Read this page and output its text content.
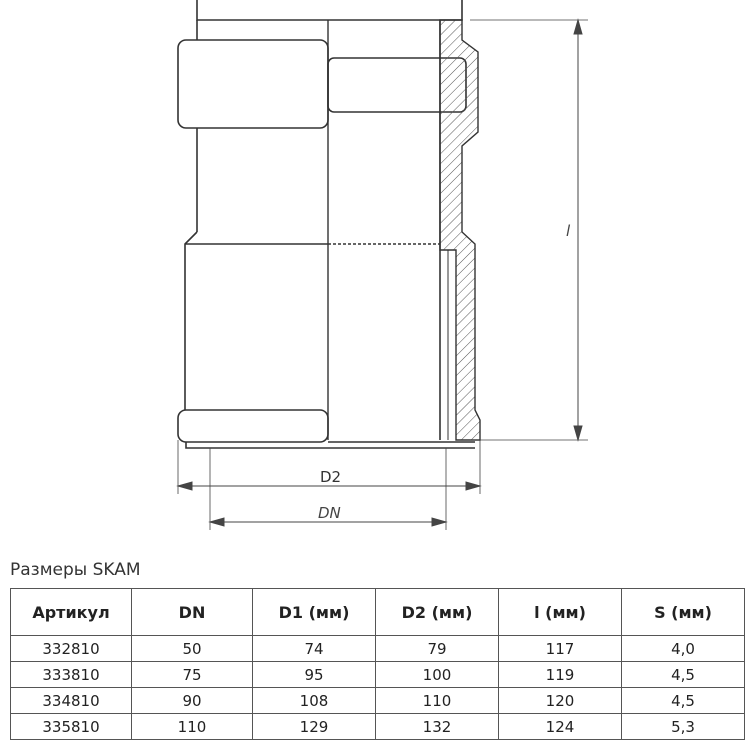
l
D2
DN
Размеры SKAM
Артикул	DN	D1 (мм)	D2 (мм)	l (мм)	S (мм)
332810	50	74	79	117	4,0
333810	75	95	100	119	4,5
334810	90	108	110	120	4,5
335810	110	129	132	124	5,3
